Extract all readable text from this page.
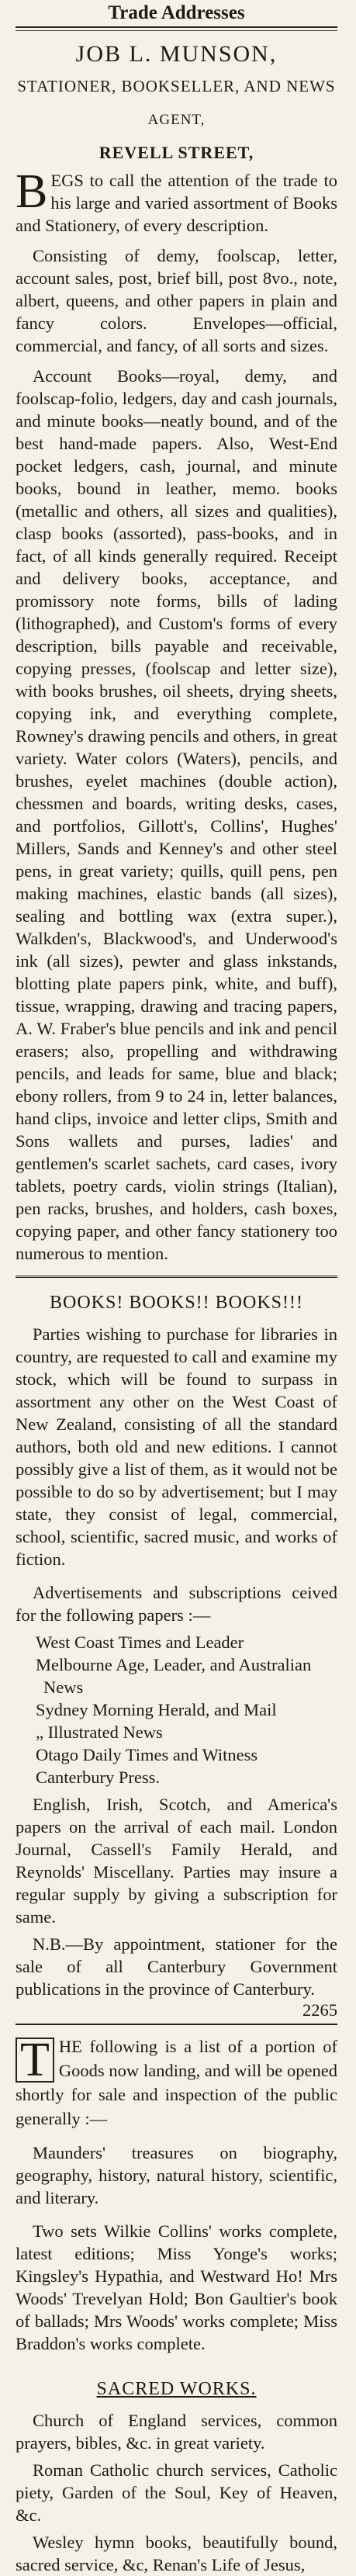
Trade Addresses
JOB L. MUNSON,
STATIONER, BOOKSELLER, AND NEWS
AGENT,
REVELL STREET,
B EGS to call the attention of the trade to his large and varied assortment of Books and Stationery, of every description.

Consisting of demy, foolscap, letter, account sales, post, brief bill, post 8vo., note, albert, queens, and other papers in plain and fancy colors. Envelopes—official, commercial, and fancy, of all sorts and sizes.

Account Books—royal, demy, and foolscap-folio, ledgers, day and cash journals, and minute books—neatly bound, and of the best hand-made papers. Also, West-End pocket ledgers, cash, journal, and minute books, bound in leather, memo. books (metallic and others, all sizes and qualities), clasp books (assorted), pass-books, and in fact, of all kinds generally required. Receipt and delivery books, acceptance, and promissory note forms, bills of lading (lithographed), and Custom's forms of every description, bills payable and receivable, copying presses, (foolscap and letter size), with books brushes, oil sheets, drying sheets, copying ink, and everything complete, Rowney's drawing pencils and others, in great variety. Water colors (Waters), pencils, and brushes, eyelet machines (double action), chessmen and boards, writing desks, cases, and portfolios, Gillott's, Collins', Hughes' Millers, Sands and Kenney's and other steel pens, in great variety; quills, quill pens, pen making machines, elastic bands (all sizes), sealing and bottling wax (extra super.), Walkden's, Blackwood's, and Underwood's ink (all sizes), pewter and glass inkstands, blotting plate papers pink, white, and buff), tissue, wrapping, drawing and tracing papers, A. W. Fraber's blue pencils and ink and pencil erasers; also, propelling and withdrawing pencils, and leads for same, blue and black; ebony rollers, from 9 to 24 in, letter balances, hand clips, invoice and letter clips, Smith and Sons wallets and purses, ladies' and gentlemen's scarlet sachets, card cases, ivory tablets, poetry cards, violin strings (Italian), pen racks, brushes, and holders, cash boxes, copying paper, and other fancy stationery too numerous to mention.

BOOKS! BOOKS!! BOOKS!!!

Parties wishing to purchase for libraries in country, are requested to call and examine my stock, which will be found to surpass in assortment any other on the West Coast of New Zealand, consisting of all the standard authors, both old and new editions. I cannot possibly give a list of them, as it would not be possible to do so by advertisement; but I may state, they consist of legal, commercial, school, scientific, sacred music, and works of fiction.

Advertisements and subscriptions ceived for the following papers :—

West Coast Times and Leader
Melbourne Age, Leader, and Australian News
Sydney Morning Herald, and Mail
„ Illustrated News
Otago Daily Times and Witness
Canterbury Press.

English, Irish, Scotch, and America's papers on the arrival of each mail. London Journal, Cassell's Family Herald, and Reynolds' Miscellany. Parties may insure a regular supply by giving a subscription for same.

N.B.—By appointment, stationer for the sale of all Canterbury Government publications in the province of Canterbury.

2265
T HE following is a list of a portion of Goods now landing, and will be opened shortly for sale and inspection of the public generally :—

Maunders' treasures on biography, geography, history, natural history, scientific, and literary.

Two sets Wilkie Collins' works complete, latest editions; Miss Yonge's works; Kingsley's Hypathia, and Westward Ho! Mrs Woods' Trevelyan Hold; Bon Gaultier's book of ballads; Mrs Woods' works complete; Miss Braddon's works complete.

SACRED WORKS.

Church of England services, common prayers, bibles, &c. in great variety.

Roman Catholic church services, Catholic piety, Garden of the Soul, Key of Heaven, &c.

Wesley hymn books, beautifully bound, sacred service, &c, Renan's Life of Jesus,
